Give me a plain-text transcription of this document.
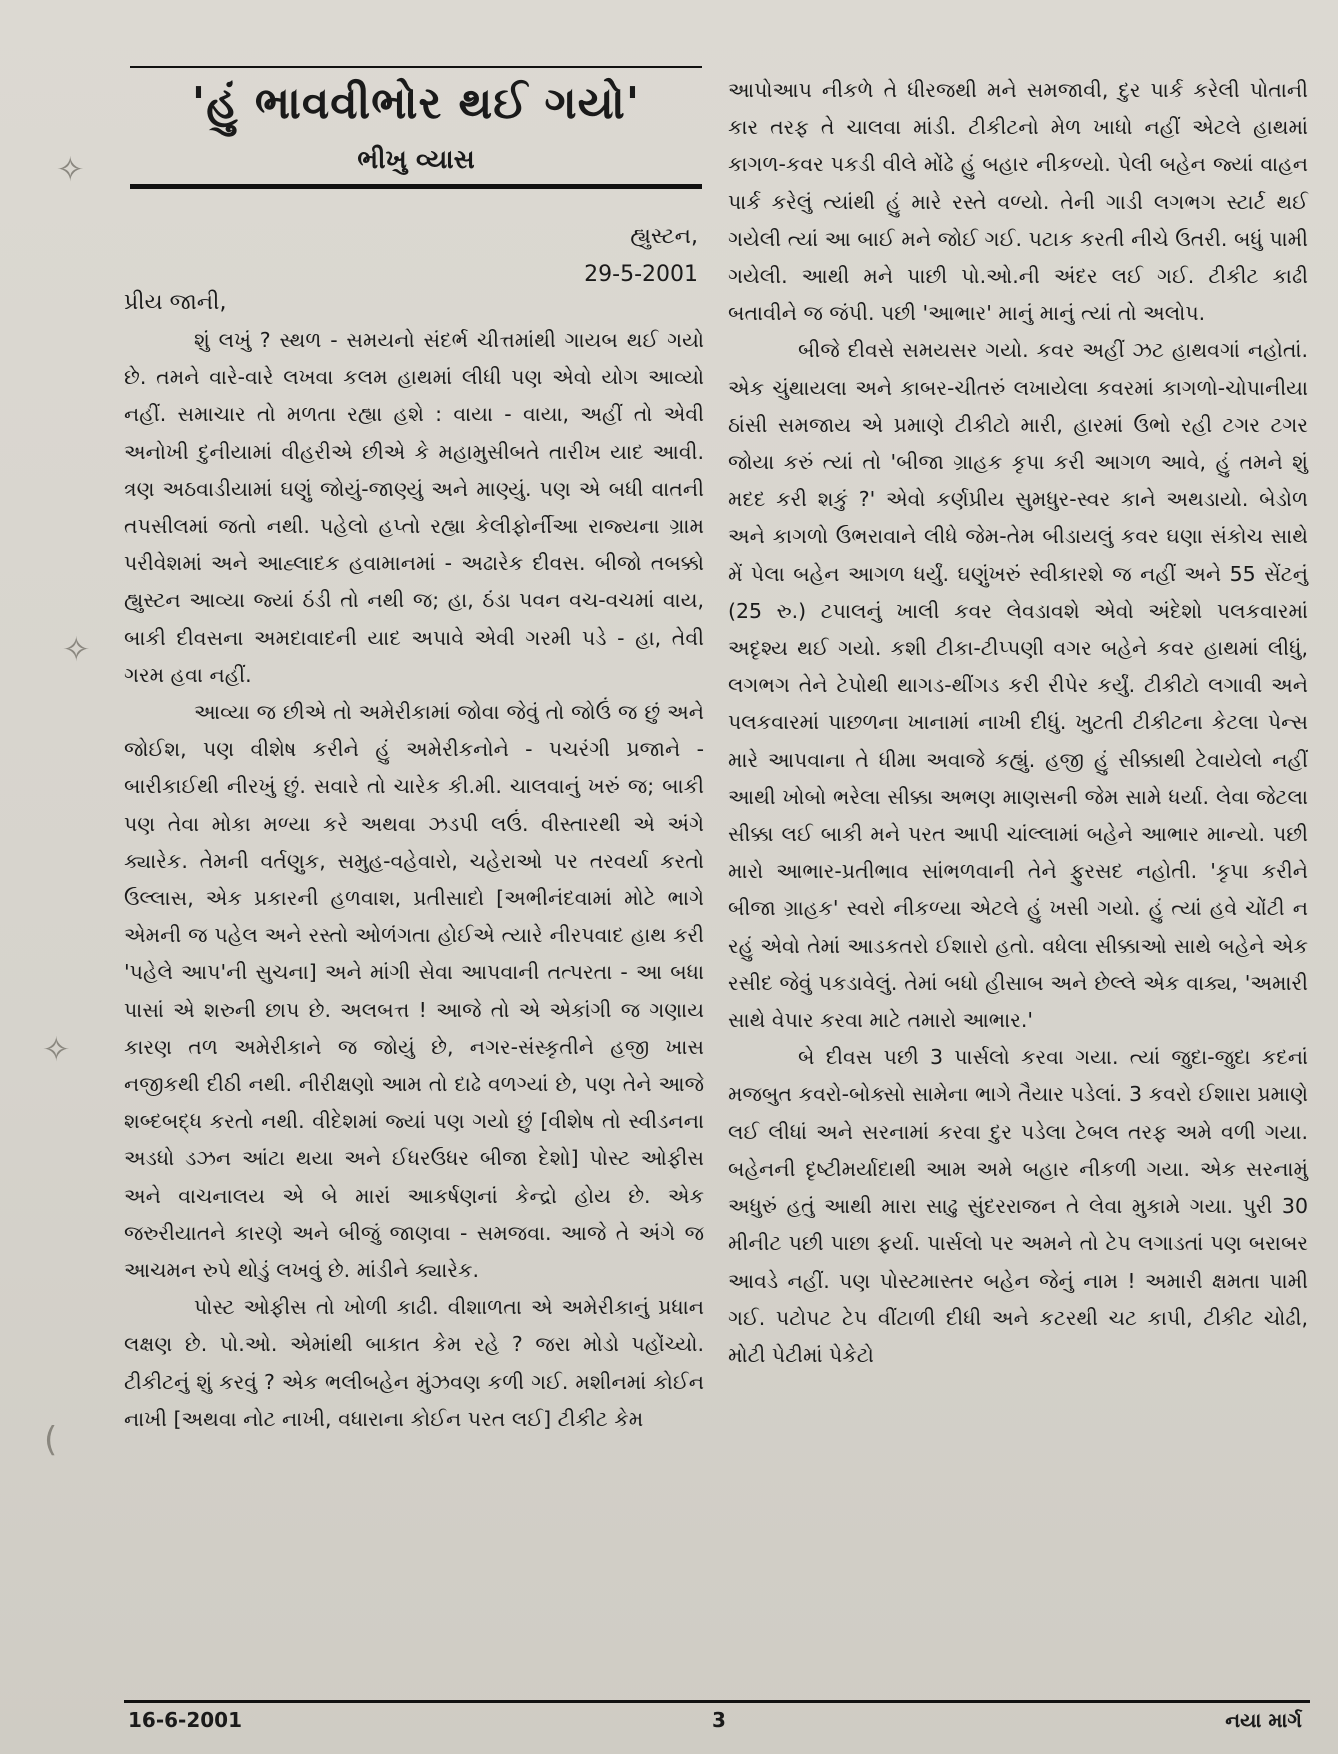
'હું ભાવવીભોર થઈ ગયો'
ભીખુ વ્યાસ
હ્યુસ્ટન,
29-5-2001
પ્રીય જાની,

શું લખું ? સ્થળ - સમયનો સંદર્ભ ચીત્તમાંથી ગાયબ થઈ ગયો છે. તમને વારે-વારે લખવા કલમ હાથમાં લીધી પણ એવો યોગ આવ્યો નહીં. સમાચાર તો મળતા રહ્યા હશે : વાયા - વાયા, અહીં તો એવી અનોખી દુનીયામાં વીહરીએ છીએ કે મહામુસીબતે તારીખ યાદ આવી. ત્રણ અઠવાડીયામાં ઘણું જોયું-જાણ્યું અને માણ્યું. પણ એ બધી વાતની તપસીલમાં જતો નથી. પહેલો હપ્તો રહ્યા કેલીફોર્નીઆ રાજ્યના ગ્રામ પરીવેશમાં અને આહ્લાદક હવામાનમાં - અઢારેક દીવસ. બીજો તબક્કો હ્યુસ્ટન આવ્યા જ્યાં ઠંડી તો નથી જ; હા, ઠંડા પવન વચ-વચમાં વાય, બાકી દીવસના અમદાવાદની યાદ અપાવે એવી ગરમી પડે - હા, તેવી ગરમ હવા નહીં.

આવ્યા જ છીએ તો અમેરીકામાં જોવા જેવું તો જોઉં જ છું અને જોઈશ, પણ વીશેષ કરીને હું અમેરીકનોને - પચરંગી પ્રજાને - બારીકાઈથી નીરખું છું. સવારે તો ચારેક કી.મી. ચાલવાનું ખરું જ; બાકી પણ તેવા મોકા મળ્યા કરે અથવા ઝડપી લઉં. વીસ્તારથી એ અંગે ક્યારેક. તેમની વર્તણુક, સમુહ-વહેવારો, ચહેરાઓ પર તરવર્યા કરતો ઉલ્લાસ, એક પ્રકારની હળવાશ, પ્રતીસાદો [અભીનંદવામાં મોટે ભાગે એમની જ પહેલ અને રસ્તો ઓળંગતા હોઈએ ત્યારે નીરપવાદ હાથ કરી 'પહેલે આપ'ની સુચના] અને માંગી સેવા આપવાની તત્પરતા - આ બધા પાસાં એ શરુની છાપ છે. અલબત્ત ! આજે તો એ એકાંગી જ ગણાય કારણ તળ અમેરીકાને જ જોયું છે, નગર-સંસ્કૃતીને હજી ખાસ નજીકથી દીઠી નથી. નીરીક્ષણો આમ તો દાઢે વળગ્યાં છે, પણ તેને આજે શબ્દબદ્ધ કરતો નથી. વીદેશમાં જ્યાં પણ ગયો છું [વીશેષ તો સ્વીડનના અડધો ડઝન આંટા થયા અને ઈધરઉધર બીજા દેશો] પોસ્ટ ઓફીસ અને વાચનાલય એ બે મારાં આકર્ષણનાં કેન્દ્રો હોય છે. એક જરુરીયાતને કારણે અને બીજું જાણવા - સમજવા. આજે તે અંગે જ આચમન રુપે થોડું લખવું છે. માંડીને ક્યારેક.

પોસ્ટ ઓફીસ તો ખોળી કાઢી. વીશાળતા એ અમેરીકાનું પ્રધાન લક્ષણ છે. પો.ઓ. એમાંથી બાકાત કેમ રહે ? જરા મોડો પહોંચ્યો. ટીકીટનું શું કરવું ? એક ભલીબહેન મુંઝવણ કળી ગઈ. મશીનમાં કોઈન નાખી [અથવા નોટ નાખી, વધારાના કોઈન પરત લઈ] ટીકીટ કેમ

આપોઆપ નીકળે તે ધીરજથી મને સમજાવી, દુર પાર્ક કરેલી પોતાની કાર તરફ તે ચાલવા માંડી. ટીકીટનો મેળ ખાધો નહીં એટલે હાથમાં કાગળ-કવર પકડી વીલે મોંઢે હું બહાર નીકળ્યો. પેલી બહેન જ્યાં વાહન પાર્ક કરેલું ત્યાંથી હું મારે રસ્તે વળ્યો. તેની ગાડી લગભગ સ્ટાર્ટ થઈ ગયેલી ત્યાં આ બાઈ મને જોઈ ગઈ. પટાક કરતી નીચે ઉતરી. બધું પામી ગયેલી. આથી મને પાછી પો.ઓ.ની અંદર લઈ ગઈ. ટીકીટ કાઢી બતાવીને જ જંપી. પછી 'આભાર' માનું માનું ત્યાં તો અલોપ.

બીજે દીવસે સમયસર ગયો. કવર અહીં ઝટ હાથવગાં નહોતાં. એક ચુંથાયલા અને કાબર-ચીતરું લખાયેલા કવરમાં કાગળો-ચોપાનીયા ઠાંસી સમજાય એ પ્રમાણે ટીકીટો મારી, હારમાં ઉભો રહી ટગર ટગર જોયા કરું ત્યાં તો 'બીજા ગ્રાહક કૃપા કરી આગળ આવે, હું તમને શું મદદ કરી શકું ?' એવો કર્ણપ્રીય સુમધુર-સ્વર કાને અથડાયો. બેડોળ અને કાગળો ઉભરાવાને લીધે જેમ-તેમ બીડાયલું કવર ઘણા સંકોચ સાથે મેં પેલા બહેન આગળ ધર્યું. ઘણુંખરું સ્વીકારશે જ નહીં અને 55 સેંટનું (25 રુ.) ટપાલનું ખાલી કવર લેવડાવશે એવો અંદેશો પલકવારમાં અદૃશ્ય થઈ ગયો. કશી ટીકા-ટીપ્પણી વગર બહેને કવર હાથમાં લીધું, લગભગ તેને ટેપોથી થાગડ-થીંગડ કરી રીપેર કર્યું. ટીકીટો લગાવી અને પલકવારમાં પાછળના ખાનામાં નાખી દીધું. ખુટતી ટીકીટના કેટલા પેન્સ મારે આપવાના તે ધીમા અવાજે કહ્યું. હજી હું સીક્કાથી ટેવાયેલો નહીં આથી ખોબો ભરેલા સીક્કા અભણ માણસની જેમ સામે ધર્યા. લેવા જેટલા સીક્કા લઈ બાકી મને પરત આપી ચાંલ્લામાં બહેને આભાર માન્યો. પછી મારો આભાર-પ્રતીભાવ સાંભળવાની તેને ફુરસદ નહોતી. 'કૃપા કરીને બીજા ગ્રાહક' સ્વરો નીકળ્યા એટલે હું ખસી ગયો. હું ત્યાં હવે ચોંટી ન રહું એવો તેમાં આડકતરો ઈશારો હતો. વધેલા સીક્કાઓ સાથે બહેને એક રસીદ જેવું પકડાવેલું. તેમાં બધો હીસાબ અને છેલ્લે એક વાક્ય, 'અમારી સાથે વેપાર કરવા માટે તમારો આભાર.'

બે દીવસ પછી 3 પાર્સલો કરવા ગયા. ત્યાં જુદા-જુદા કદનાં મજબુત કવરો-બોક્સો સામેના ભાગે તૈયાર પડેલાં. 3 કવરો ઈશારા પ્રમાણે લઈ લીધાં અને સરનામાં કરવા દુર પડેલા ટેબલ તરફ અમે વળી ગયા. બહેનની દૃષ્ટીમર્યાદાથી આમ અમે બહાર નીકળી ગયા. એક સરનામું અધુરું હતું આથી મારા સાઢુ સુંદરરાજન તે લેવા મુકામે ગયા. પુરી 30 મીનીટ પછી પાછા ફર્યા. પાર્સલો પર અમને તો ટેપ લગાડતાં પણ બરાબર આવડે નહીં. પણ પોસ્ટમાસ્તર બહેન જેનું નામ ! અમારી ક્ષમતા પામી ગઈ. પટોપટ ટેપ વીંટાળી દીધી અને કટરથી ચટ કાપી, ટીકીટ ચોઢી, મોટી પેટીમાં પેકેટો

✧
✧
✧
(
16-6-2001	3	નયા માર્ગ
